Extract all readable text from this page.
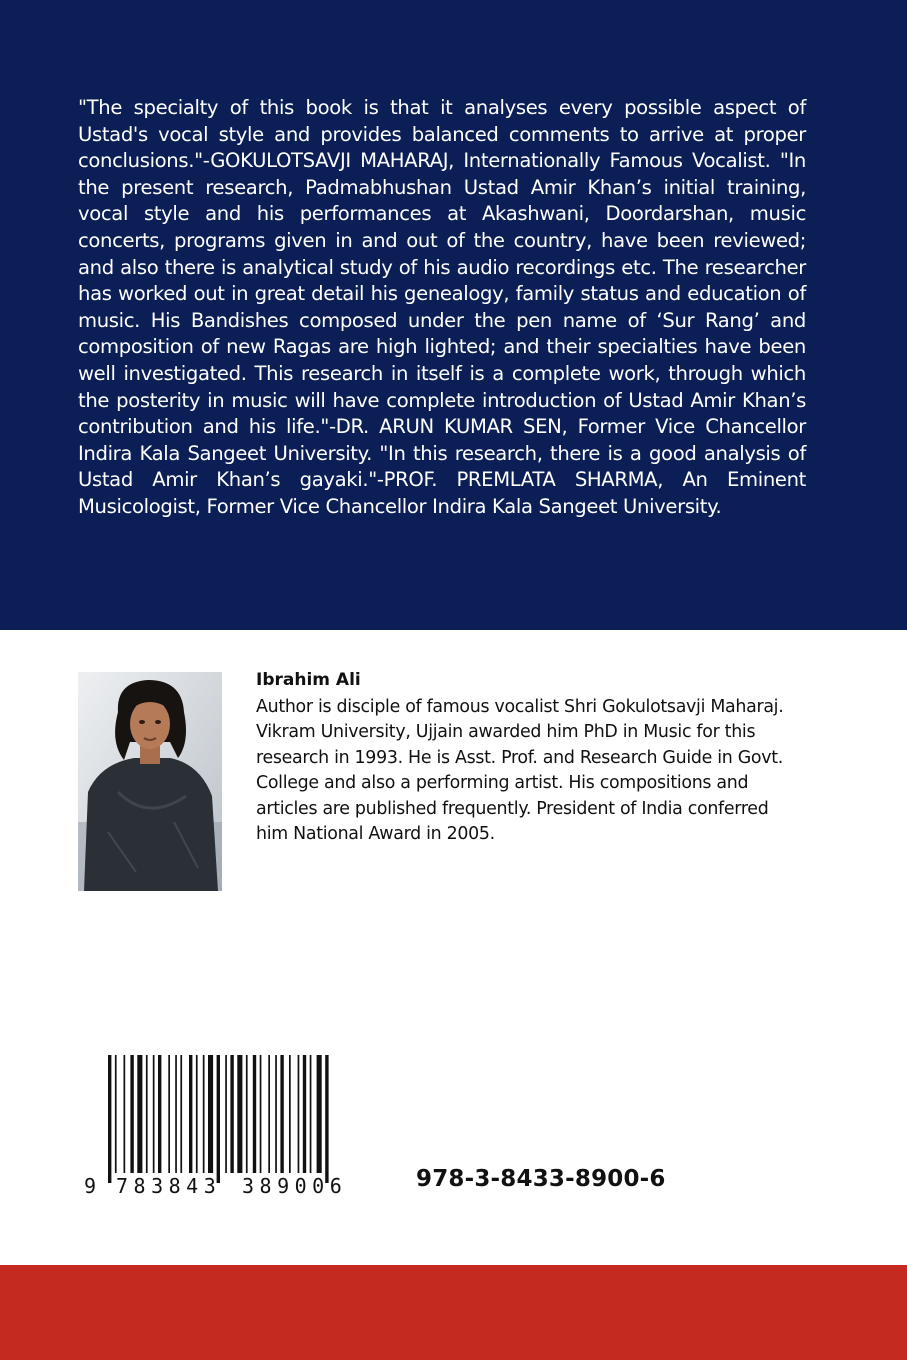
"The specialty of this book is that it analyses every possible aspect of Ustad's vocal style and provides balanced comments to arrive at proper conclusions."-GOKULOTSAVJI MAHARAJ, Internationally Famous Vocalist. "In the present research, Padmabhushan Ustad Amir Khan’s initial training, vocal style and his performances at Akashwani, Doordarshan, music concerts, programs given in and out of the country, have been reviewed; and also there is analytical study of his audio recordings etc. The researcher has worked out in great detail his genealogy, family status and education of music. His Bandishes composed under the pen name of ‘Sur Rang’ and composition of new Ragas are high lighted; and their specialties have been well investigated. This research in itself is a complete work, through which the posterity in music will have complete introduction of Ustad Amir Khan’s contribution and his life."-DR. ARUN KUMAR SEN, Former Vice Chancellor Indira Kala Sangeet University. "In this research, there is a good analysis of Ustad Amir Khan’s gayaki."-PROF. PREMLATA SHARMA, An Eminent Musicologist, Former Vice Chancellor Indira Kala Sangeet University.

Ibrahim Ali

Author is disciple of famous vocalist Shri Gokulotsavji Maharaj. Vikram University, Ujjain awarded him PhD in Music for this research in 1993. He is Asst. Prof. and Research Guide in Govt. College and also a performing artist. His compositions and articles are published frequently. President of India conferred him National Award in 2005.

9 783843 389006	978-3-8433-8900-6
